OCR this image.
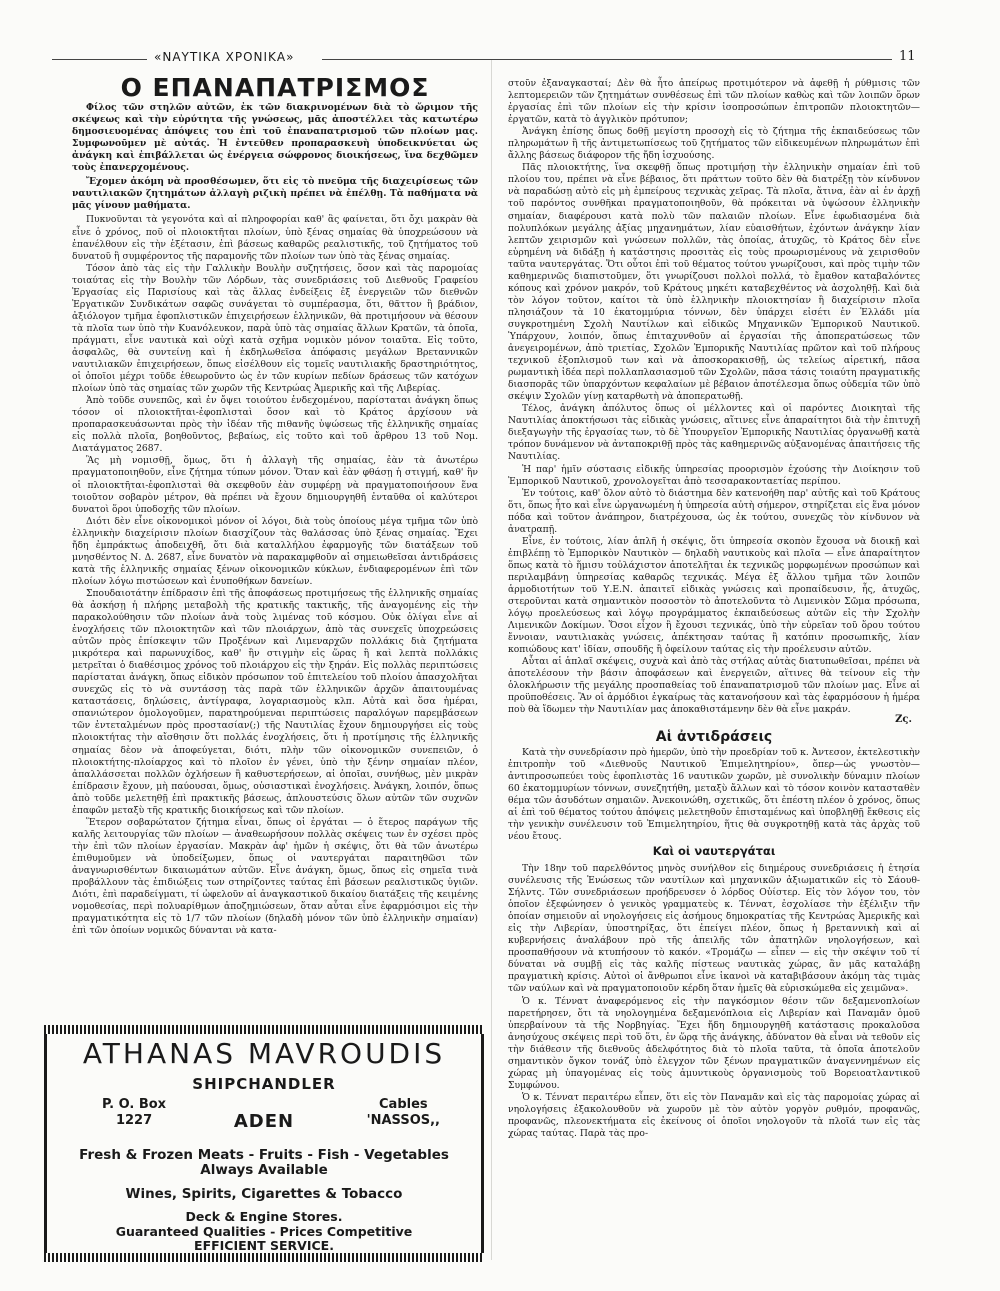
«ΝΑΥΤΙΚΑ ΧΡΟΝΙΚΑ»	11
Ο ΕΠΑΝΑΠΑΤΡΙΣΜΟΣ

Φίλος τῶν στηλῶν αὐτῶν, ἐκ τῶν διακρινομένων διὰ τὸ ὥριμον τῆς σκέψεως καὶ τὴν εὐρύτητα τῆς γνώσεως, μᾶς ἀποστέλλει τὰς κατωτέρω δημοσιευομένας ἀπόψεις του ἐπὶ τοῦ ἐπαναπατρισμοῦ τῶν πλοίων μας. Συμφωνοῦμεν μὲ αὐτάς. Ἡ ἐντεῦθεν προπαρασκευὴ ὑποδεικνύεται ὡς ἀνάγκη καὶ ἐπιβάλλεται ὡς ἐνέργεια σώφρονος διοικήσεως, ἵνα δεχθῶμεν τοὺς ἐπανερχομένους.

Ἔχομεν ἀκόμη νὰ προσθέσωμεν, ὅτι εἰς τὸ πνεῦμα τῆς διαχειρίσεως τῶν ναυτιλιακῶν ζητημάτων ἀλλαγὴ ριζικὴ πρέπει νὰ ἐπέλθῃ. Τὰ παθήματα νὰ μᾶς γίνουν μαθήματα.

Πυκνοῦνται τὰ γεγονότα καὶ αἱ πληροφορίαι καθ' ἃς φαίνεται, ὅτι ὄχι μακρὰν θὰ εἶνε ὁ χρόνος, ποῦ οἱ πλοιοκτῆται πλοίων, ὑπὸ ξένας σημαίας θὰ ὑποχρεώσουν νὰ ἐπανέλθουν εἰς τὴν ἑξέτασιν, ἐπὶ βάσεως καθαρῶς ρεαλιστικῆς, τοῦ ζητήματος τοῦ δυνατοῦ ἢ συμφέροντος τῆς παραμονῆς τῶν πλοίων των ὑπὸ τὰς ξένας σημαίας.

Τόσον ἀπὸ τὰς εἰς τὴν Γαλλικὴν Βουλὴν συζητήσεις, ὅσον καὶ τὰς παρομοίας τοιαύτας εἰς τὴν Βουλὴν τῶν Λόρδων, τὰς συνεδριάσεις τοῦ Διεθνοῦς Γραφείου Ἐργασίας εἰς Παρισίους καὶ τὰς ἄλλας ἐνδείξεις ἐξ ἐνεργειῶν τῶν διεθνῶν Ἐργατικῶν Συνδικάτων σαφῶς συνάγεται τὸ συμπέρασμα, ὅτι, θᾶττον ἢ βράδιον, ἀξιόλογον τμῆμα ἐφοπλιστικῶν ἐπιχειρήσεων ἑλληνικῶν, θὰ προτιμήσουν νὰ θέσουν τὰ πλοῖα των ὑπὸ τὴν Κυανόλευκον, παρὰ ὑπὸ τὰς σημαίας ἄλλων Κρατῶν, τὰ ὁποῖα, πράγματι, εἶνε ναυτικὰ καὶ οὐχὶ κατὰ σχῆμα νομικὸν μόνον τοιαῦτα. Εἰς τοῦτο, ἀσφαλῶς, θὰ συντείνῃ καὶ ἡ ἐκδηλωθεῖσα ἀπόφασις μεγάλων Βρεταννικῶν ναυτιλιακῶν ἐπιχειρήσεων, ὅπως εἰσέλθουν εἰς τομεῖς ναυτιλιακῆς δραστηριότητος, οἱ ὁποῖοι μέχρι τοῦδε ἐθεωροῦντο ὡς ἐν τῶν κυρίων πεδίων δράσεως τῶν κατόχων πλοίων ὑπὸ τὰς σημαίας τῶν χωρῶν τῆς Κεντρώας Ἀμερικῆς καὶ τῆς Λιβερίας.

Ἀπὸ τοῦδε συνεπῶς, καὶ ἐν ὄψει τοιούτου ἐνδεχομένου, παρίσταται ἀνάγκη ὅπως τόσον οἱ πλοιοκτῆται-ἐφοπλισταὶ ὅσον καὶ τὸ Κράτος ἀρχίσουν νὰ προπαρασκευάσωνται πρὸς τὴν ἰδέαν τῆς πιθανῆς ὑψώσεως τῆς ἑλληνικῆς σημαίας εἰς πολλὰ πλοῖα, βοηθοῦντος, βεβαίως, εἰς τοῦτο καὶ τοῦ ἄρθρου 13 τοῦ Νομ. Διατάγματος 2687.

Ἂς μὴ νομισθῇ, ὅμως, ὅτι ἡ ἀλλαγὴ τῆς σημαίας, ἐὰν τὰ ἀνωτέρω πραγματοποιηθοῦν, εἶνε ζήτημα τύπων μόνον. Ὅταν καὶ ἐὰν φθάσῃ ἡ στιγμή, καθ' ἣν οἱ πλοιοκτῆται-ἐφοπλισταὶ θὰ σκεφθοῦν ἐὰν συμφέρῃ νὰ πραγματοποιήσουν ἕνα τοιοῦτον σοβαρὸν μέτρον, θὰ πρέπει νὰ ἔχουν δημιουργηθῆ ἐνταῦθα οἱ καλύτεροι δυνατοὶ ὅροι ὑποδοχῆς τῶν πλοίων.

Διότι δὲν εἶνε οἰκονομικοὶ μόνον οἱ λόγοι, διὰ τοὺς ὁποίους μέγα τμῆμα τῶν ὑπὸ ἑλληνικὴν διαχείρισιν πλοίων διασχίζουν τὰς θαλάσσας ὑπὸ ξένας σημαίας. Ἔχει ἤδη ἐμπράκτως ἀποδειχθῆ, ὅτι διὰ καταλλήλου ἐφαρμογῆς τῶν διατάξεων τοῦ μνησθέντος Ν. Δ. 2687, εἶνε δυνατὸν νὰ παρακαμφθοῦν αἱ σημειωθεῖσαι ἀντιδράσεις κατὰ τῆς ἑλληνικῆς σημαίας ξένων οἰκονομικῶν κύκλων, ἐνδιαφερομένων ἐπὶ τῶν πλοίων λόγω πιστώσεων καὶ ἐνυποθήκων δανείων.

Σπουδαιοτάτην ἐπίδρασιν ἐπὶ τῆς ἀποφάσεως προτιμήσεως τῆς ἑλληνικῆς σημαίας θὰ ἀσκήσῃ ἡ πλήρης μεταβολὴ τῆς κρατικῆς τακτικῆς, τῆς ἀναγομένης εἰς τὴν παρακολούθησιν τῶν πλοίων ἀνὰ τοὺς λιμένας τοῦ κόσμου. Οὐκ ὀλίγαι εἶνε αἱ ἐνοχλήσεις τῶν πλοιοκτητῶν καὶ τῶν πλοιάρχων, ἀπὸ τὰς συνεχεῖς ὑποχρεώσεις αὐτῶν πρὸς ἐπίσκεψιν τῶν Προξένων καὶ Λιμεναρχῶν πολλάκις διὰ ζητήματα μικρότερα καὶ παρωνυχίδος, καθ' ἣν στιγμὴν εἰς ὥρας ἢ καὶ λεπτὰ πολλάκις μετρεῖται ὁ διαθέσιμος χρόνος τοῦ πλοιάρχου εἰς τὴν ξηράν. Εἰς πολλὰς περιπτώσεις παρίσταται ἀνάγκη, ὅπως εἰδικὸν πρόσωπον τοῦ ἐπιτελείου τοῦ πλοίου ἀπασχολῆται συνεχῶς εἰς τὸ νὰ συντάσσῃ τὰς παρὰ τῶν ἑλληνικῶν ἀρχῶν ἀπαιτουμένας καταστάσεις, δηλώσεις, ἀντίγραφα, λογαριασμοὺς κλπ. Αὐτὰ καὶ ὅσα ἠμέραι, σπανιώτερον ὁμολογοῦμεν, παρατηρούμεναι περιπτώσεις παραλόγων παρεμβάσεων τῶν ἐντεταλμένων πρὸς προστασίαν(;) τῆς Ναυτιλίας ἔχουν δημιουργήσει εἰς τοὺς πλοιοκτήτας τὴν αἴσθησιν ὅτι πολλάς ἐνοχλήσεις, ὅτι ἡ προτίμησις τῆς ἑλληνικῆς σημαίας δὲον νὰ ἀποφεύγεται, διότι, πλὴν τῶν οἰκονομικῶν συνεπειῶν, ὁ πλοιοκτήτης-πλοίαρχος καὶ τὸ πλοῖον ἐν γένει, ὑπὸ τὴν ξένην σημαίαν πλέον, ἀπαλλάσσεται πολλῶν ὀχλήσεων ἢ καθυστερήσεων, αἱ ὁποῖαι, συνήθως, μὲν μικρὰν ἐπίδρασιν ἔχουν, μὴ παύουσαι, ὅμως, οὐσιαστικαὶ ἐνοχλήσεις. Ἀνάγκη, λοιπόν, ὅπως ἀπὸ τοῦδε μελετηθῇ ἐπὶ πρακτικῆς βάσεως, ἁπλουστεύσις ὅλων αὐτῶν τῶν συχνῶν ἐπαφῶν μεταξὺ τῆς κρατικῆς διοικήσεως καὶ τῶν πλοίων.

Ἕτερον σοβαρώτατον ζήτημα εἶναι, ὅπως οἱ ἐργάται — ὁ ἕτερος παράγων τῆς καλῆς λειτουργίας τῶν πλοίων — ἀναθεωρήσουν πολλὰς σκέψεις των ἐν σχέσει πρὸς τὴν ἐπὶ τῶν πλοίων ἐργασίαν. Μακρὰν ἀφ' ἡμῶν ἡ σκέψις, ὅτι θὰ τῶν ἀνωτέρω ἐπιθυμοῦμεν νὰ ὑποδείξωμεν, ὅπως οἱ ναυτεργάται παραιτηθῶσι τῶν ἀναγνωρισθέντων δικαιωμάτων αὐτῶν. Εἶνε ἀνάγκη, ὅμως, ὅπως εἰς σημεῖα τινὰ προβάλλουν τὰς ἐπιδιώξεις των στηρίζοντες ταύτας ἐπὶ βάσεων ρεαλιστικῶς ὑγιῶν. Διότι, ἐπὶ παραδείγματι, τί ὠφελοῦν αἱ ἀναγκαστικοῦ δικαίου διατάξεις τῆς κειμένης νομοθεσίας, περὶ πολυαρίθμων ἀποζημιώσεων, ὅταν αὗται εἶνε ἐφαρμόσιμοι εἰς τὴν πραγματικότητα εἰς τὸ 1/7 τῶν πλοίων (δηλαδὴ μόνον τῶν ὑπὸ ἑλληνικὴν σημαίαν) ἐπὶ τῶν ὁποίων νομικῶς δύνανται νὰ κατα-

ATHANAS MAVROUDIS
SHIPCHANDLER
P. O. Box
1227	ADEN
Cables
'NASSOS,,
Fresh & Frozen Meats - Fruits - Fish - Vegetables
Always Available
Wines, Spirits, Cigarettes & Tobacco
Deck & Engine Stores.
Guaranteed Qualities - Prices Competitive
EFFICIENT SERVICE.

στοῦν ἐξαναγκασταί; Δὲν θὰ ἦτο ἀπείρως προτιμότερον νὰ ἀφεθῇ ἡ ρύθμισις τῶν λεπτομερειῶν τῶν ζητημάτων συνθέσεως ἐπὶ τῶν πλοίων καθὼς καὶ τῶν λοιπῶν ὅρων ἐργασίας ἐπὶ τῶν πλοίων εἰς τὴν κρίσιν ἰσοπροσώπων ἐπιτροπῶν πλοιοκτητῶν—ἐργατῶν, κατὰ τὸ ἀγγλικὸν πρότυπον;

Ἀνάγκη ἐπίσης ὅπως δοθῇ μεγίστη προσοχὴ εἰς τὸ ζήτημα τῆς ἐκπαιδεύσεως τῶν πληρωμάτων ἢ τῆς ἀντιμετωπίσεως τοῦ ζητήματος τῶν εἰδικευμένων πληρωμάτων ἐπὶ ἄλλης βάσεως διάφορον τῆς ἤδη ἰσχυούσης.

Πᾶς πλοιοκτήτης, ἵνα σκεφθῇ ὅπως προτιμήσῃ τὴν ἑλληνικὴν σημαίαν ἐπὶ τοῦ πλοίου του, πρέπει νὰ εἶνε βέβαιος, ὅτι πράττων τοῦτο δὲν θὰ διατρέξῃ τὸν κίνδυνον νὰ παραδώσῃ αὐτὸ εἰς μὴ ἐμπείρους τεχνικὰς χεῖρας. Τὰ πλοῖα, ἅτινα, ἐὰν αἱ ἐν ἀρχῇ τοῦ παρόντος συνθῆκαι πραγματοποιηθοῦν, θὰ πρόκειται νὰ ὑψώσουν ἑλληνικὴν σημαίαν, διαφέρουσι κατὰ πολὺ τῶν παλαιῶν πλοίων. Εἶνε ἐφωδιασμένα διὰ πολυπλόκων μεγάλης ἀξίας μηχανημάτων, λίαν εὐαισθήτων, ἐχόντων ἀνάγκην λίαν λεπτῶν χειρισμῶν καὶ γνώσεων πολλῶν, τὰς ὁποίας, ἀτυχῶς, τὸ Κράτος δὲν εἶνε εὐρημένη νὰ διδάξῃ ἡ κατάστησις προσιτὰς εἰς τοὺς προωρισμένους νὰ χειρισθοῦν ταῦτα ναυτεργάτας. Ὅτι οὗτοι ἐπὶ τοῦ θέματος τούτου γνωρίζουσι, καὶ πρὸς τιμὴν τῶν καθημερινῶς διαπιστοῦμεν, ὅτι γνωρίζουσι πολλοὶ πολλά, τὸ ἔμαθον καταβαλόντες κόπους καὶ χρόνον μακρόν, τοῦ Κράτους μηκέτι καταβεχθέντος νὰ ἀσχοληθῇ. Καὶ διὰ τὸν λόγον τοῦτον, καίτοι τὰ ὑπὸ ἑλληνικὴν πλοιοκτησίαν ἢ διαχείρισιν πλοῖα πλησιάζουν τὰ 10 ἑκατομμύρια τόννων, δὲν ὑπάρχει εἰσέτι ἐν Ἑλλάδι μία συγκροτημένη Σχολὴ Ναυτίλων καὶ εἰδικῶς Μηχανικῶν Ἐμπορικοῦ Ναυτικοῦ. Ὑπάρχουν, λοιπόν, ὅπως ἐπιταχυνθοῦν αἱ ἐργασίαι τῆς ἀποπερατώσεως τῶν ἀνεγειρομένων, ἀπὸ τριετίας, Σχολῶν Ἐμπορικῆς Ναυτιλίας πρῶτον καὶ τοῦ πλήρους τεχνικοῦ ἐξοπλισμοῦ των καὶ νὰ ἀποσκορακισθῇ, ὡς τελείως αἱρετική, πᾶσα ρωμαντικὴ ἰδέα περὶ πολλαπλασιασμοῦ τῶν Σχολῶν, πᾶσα τάσις τοιαύτη πραγματικῆς διασπορᾶς τῶν ὑπαρχόντων κεφαλαίων μὲ βέβαιον ἀποτέλεσμα ὅπως οὐδεμία τῶν ὑπὸ σκέψιν Σχολῶν γίνῃ καταρθωτὴ νὰ ἀποπερατωθῇ.

Τέλος, ἀνάγκη ἀπόλυτος ὅπως οἱ μέλλοντες καὶ οἱ παρόντες Διοικηταὶ τῆς Ναυτιλίας ἀποκτήσωσι τὰς εἰδικὰς γνώσεις, αἵτινες εἶνε ἀπαραίτητοι διὰ τὴν ἐπιτυχῆ διεξαγωγὴν τῆς ἐργασίας των, τὸ δὲ Ὑπουργεῖον Ἐμπορικῆς Ναυτιλίας ὀργανωθῇ κατὰ τρόπον δυνάμενον νὰ ἀνταποκριθῇ πρὸς τὰς καθημερινῶς αὐξανομένας ἀπαιτήσεις τῆς Ναυτιλίας.

Ἡ παρ' ἡμῖν σύστασις εἰδικῆς ὑπηρεσίας προορισμὸν ἐχούσης τὴν Διοίκησιν τοῦ Ἐμπορικοῦ Ναυτικοῦ, χρονολογεῖται ἀπὸ τεσσαρακονταετίας περίπου.

Ἐν τούτοις, καθ' ὅλον αὐτὸ τὸ διάστημα δὲν κατενοήθη παρ' αὐτῆς καὶ τοῦ Κράτους ὅτι, ὅπως ἦτο καὶ εἶνε ὠργανωμένη ἡ ὑπηρεσία αὐτὴ σήμερον, στηρίζεται εἰς ἕνα μόνον πόδα καὶ τοῦτον ἀνάπηρον, διατρέχουσα, ὡς ἐκ τούτου, συνεχῶς τὸν κίνδυνον νὰ ἀνατραπῇ.

Εἶνε, ἐν τούτοις, λίαν ἁπλῆ ἡ σκέψις, ὅτι ὑπηρεσία σκοπὸν ἔχουσα νὰ διοικῇ καὶ ἐπιβλέπῃ τὸ Ἐμπορικὸν Ναυτικὸν — δηλαδὴ ναυτικοὺς καὶ πλοῖα — εἶνε ἀπαραίτητον ὅπως κατὰ τὸ ἥμισυ τοὐλάχιστον ἀποτελῆται ἐκ τεχνικῶς μορφωμένων προσώπων καὶ περιλαμβάνῃ ὑπηρεσίας καθαρῶς τεχνικάς. Μέγα ἐξ ἄλλου τμῆμα τῶν λοιπῶν ἁρμοδιοτήτων τοῦ Υ.Ε.Ν. ἀπαιτεῖ εἰδικὰς γνώσεις καὶ προπαίδευσιν, ἧς, ἀτυχῶς, στεροῦνται κατὰ σημαντικὸν ποσοστὸν τὸ ἀποτελοῦντα τὸ Λιμενικὸν Σῶμα πρόσωπα, λόγῳ προελεύσεως καὶ λόγῳ προγράμματος ἐκπαιδεύσεως αὐτῶν εἰς τὴν Σχολὴν Λιμενικῶν Δοκίμων. Ὅσοι εἶχον ἢ ἔχουσι τεχνικάς, ὑπὸ τὴν εὐρεῖαν τοῦ ὅρου τούτου ἔννοιαν, ναυτιλιακὰς γνώσεις, ἀπέκτησαν ταύτας ἢ κατόπιν προσωπικῆς, λίαν κοπιώδους κατ' ἰδίαν, σπουδῆς ἢ ὀφείλουν ταύτας εἰς τὴν προέλευσιν αὐτῶν.

Αὗται αἱ ἁπλαῖ σκέψεις, συχνὰ καὶ ἀπὸ τὰς στήλας αὐτὰς διατυπωθεῖσαι, πρέπει νὰ ἀποτελέσουν τὴν βάσιν ἀποφάσεων καὶ ἐνεργειῶν, αἵτινες θὰ τείνουν εἰς τὴν ὁλοκλήρωσιν τῆς μεγάλης προσπαθείας τοῦ ἐπαναπατρισμοῦ τῶν πλοίων μας. Εἶνε αἱ προϋποθέσεις. Ἂν οἱ ἁρμόδιοι ἐγκαίρως τὰς κατανοήσουν καὶ τὰς ἐφαρμόσουν ἡ ἡμέρα ποὺ θὰ ἴδωμεν τὴν Ναυτιλίαν μας ἀποκαθιστάμενην δὲν θὰ εἶνε μακράν.

Ζς.
Αἱ ἀντιδράσεις

Κατὰ τὴν συνεδρίασιν πρὸ ἡμερῶν, ὑπὸ τὴν προεδρίαν τοῦ κ. Ἀντεσον, ἐκτελεστικὴν ἐπιτροπὴν τοῦ «Διεθνοῦς Ναυτικοῦ Ἐπιμελητηρίου», ὅπερ—ὡς γνωστὸν—ἀντιπροσωπεύει τοὺς ἐφοπλιστὰς 16 ναυτικῶν χωρῶν, μὲ συνολικὴν δύναμιν πλοίων 60 ἑκατομμυρίων τόννων, συνεζητήθη, μεταξὺ ἄλλων καὶ τὸ τόσον κοινὸν κατασταθὲν θέμα τῶν ἀσυδότων σημαιῶν. Ἀνεκοινώθη, σχετικῶς, ὅτι ἐπέστη πλέον ὁ χρόνος, ὅπως αἱ ἐπὶ τοῦ θέματος τούτου ἀπόψεις μελετηθοῦν ἐπισταμένως καὶ ὑποβληθῇ ἔκθεσις εἰς τὴν γενικὴν συνέλευσιν τοῦ Ἐπιμελητηρίου, ἥτις θὰ συγκροτηθῇ κατὰ τὰς ἀρχὰς τοῦ νέου ἔτους.

Καὶ οἱ ναυτεργάται

Τὴν 18ην τοῦ παρελθόντος μηνὸς συνήλθον εἰς διημέρους συνεδριάσεις ἡ ἐτησία συνέλευσις τῆς Ἑνώσεως τῶν ναυτίλων καὶ μηχανικῶν ἀξιωματικῶν εἰς τὸ Σάουθ-Σήλντς. Τῶν συνεδριάσεων προήδρευσεν ὁ λόρδος Οὐίστερ. Εἰς τὸν λόγον του, τὸν ὁποῖον ἐξεφώνησεν ὁ γενικὸς γραμματεὺς κ. Τέννατ, ἐσχολίασε τὴν ἐξέλιξιν τῆν ὁποίαν σημειοῦν αἱ νηολογήσεις εἰς ἀσήμους δημοκρατίας τῆς Κεντρώας Ἀμερικῆς καὶ εἰς τὴν Λιβερίαν, ὑποστηρίξας, ὅτι ἐπείγει πλέον, ὅπως ἡ βρεταννικὴ καὶ αἱ κυβερνήσεις ἀναλάβουν πρὸ τῆς ἀπειλῆς τῶν ἀπατηλῶν νηολογήσεων, καὶ προσπαθήσουν νὰ κτυπήσουν τὸ κακόν. «Τρομάζω — εἶπεν — εἰς τὴν σκέψιν τοῦ τί δύναται νὰ συμβῇ εἰς τὰς καλῆς πίστεως ναυτικὰς χώρας, ἂν μᾶς καταλάβῃ πραγματικὴ κρίσις. Αὐτοὶ οἱ ἄνθρωποι εἶνε ἱκανοὶ νὰ καταβιβάσουν ἀκόμη τὰς τιμὰς τῶν ναύλων καὶ νὰ πραγματοποιοῦν κέρδη ὅταν ἡμεῖς θὰ εὑρισκώμεθα εἰς χειμῶνα».

Ὁ κ. Τέννατ ἀναφερόμενος εἰς τὴν παγκόσμιον θέσιν τῶν δεξαμενοπλοίων παρετήρησεν, ὅτι τὰ νηολογημένα δεξαμενόπλοια εἰς Λιβερίαν καὶ Παναμᾶν ὁμοῦ ὑπερβαίνουν τὰ τῆς Νορβηγίας. Ἔχει ἤδη δημιουργηθῆ κατάστασις προκαλοῦσα ἀνησύχους σκέψεις περὶ τοῦ ὅτι, ἐν ὥρᾳ τῆς ἀνάγκης, ἀδύνατον θὰ εἶναι νὰ τεθοῦν εἰς τὴν διάθεσιν τῆς διεθνοῦς ἀδελφότητος διὰ τὸ πλοῖα ταῦτα, τὰ ὁποῖα ἀποτελοῦν σημαντικὸν ὄγκον τονάζ ὑπὸ ἐλεγχον τῶν ξένων πραγματικῶν ἀναγεννημένων εἰς χώρας μὴ ὑπαγομένας εἰς τοὺς ἀμυντικοὺς ὀργανισμοὺς τοῦ Βορειοατλαντικοῦ Συμφώνου.

Ὁ κ. Τέννατ περαιτέρω εἶπεν, ὅτι εἰς τὸν Παναμᾶν καὶ εἰς τὰς παρομοίας χώρας αἱ νηολογήσεις ἐξακολουθοῦν νὰ χωροῦν μὲ τὸν αὐτὸν γοργὸν ρυθμόν, προφανῶς, προφανῶς, πλεονεκτήματα εἰς ἐκείνους οἱ ὁποῖοι νηολογοῦν τὰ πλοῖά των εἰς τὰς χώρας ταύτας. Παρὰ τὰς προ-
